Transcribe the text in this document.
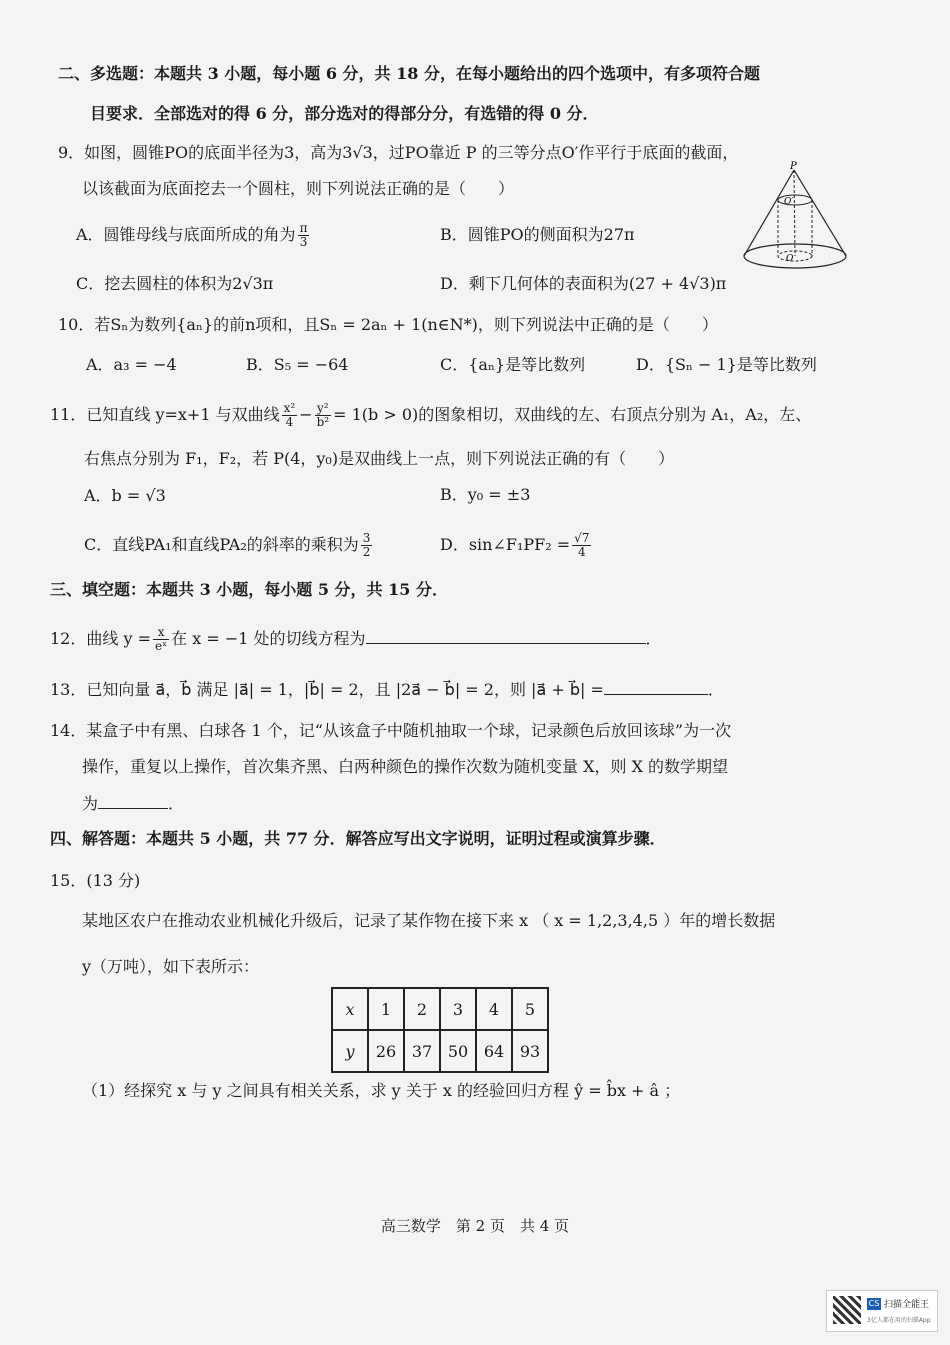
二、多选题：本题共 3 小题，每小题 6 分，共 18 分，在每小题给出的四个选项中，有多项符合题
目要求．全部选对的得 6 分，部分选对的得部分分，有选错的得 0 分．
9．如图，圆锥PO的底面半径为3，高为3√3，过PO靠近 P 的三等分点O′作平行于底面的截面，
以该截面为底面挖去一个圆柱，则下列说法正确的是（　　）
A．圆锥母线与底面所成的角为 $\frac{\pi}{3}$	B．圆锥PO的侧面积为27π
C．挖去圆柱的体积为2√3π	D．剩下几何体的表面积为(27 + 4√3)π
P
O′
O
10．若Sₙ为数列{aₙ}的前n项和，且Sₙ = 2aₙ + 1(n∈N*)，则下列说法中正确的是（　　）
A．a₃ = −4	B．S₅ = −64	C．{aₙ}是等比数列	D．{Sₙ − 1}是等比数列
11．已知直线 y=x+1 与双曲线 $\frac{\text{x²}}{4} - \frac{\text{y²}}{\text{b²}} = 1(b > 0)$的图象相切，双曲线的左、右顶点分别为 A₁，A₂，左、
右焦点分别为 F₁，F₂，若 P(4，y₀)是双曲线上一点，则下列说法正确的有（　　）
A．b = √3	B．y₀ = ±3
C．直线PA₁和直线PA₂的斜率的乘积为 $\frac{3}{2}$	D．sin∠F₁PF₂ = $\frac{√7}{4}$
三、填空题：本题共 3 小题，每小题 5 分，共 15 分．
12．曲线 $y = \frac{x}{\text{eˣ}}$ 在 x = −1 处的切线方程为	．
13．已知向量 a⃗，b⃗ 满足 |a⃗| = 1，|b⃗| = 2，且 |2a⃗ − b⃗| = 2，则 |a⃗ + b⃗| =	．
14．某盒子中有黑、白球各 1 个，记“从该盒子中随机抽取一个球，记录颜色后放回该球”为一次
操作，重复以上操作，首次集齐黑、白两种颜色的操作次数为随机变量 X，则 X 的数学期望
为	．
四、解答题：本题共 5 小题，共 77 分．解答应写出文字说明，证明过程或演算步骤．
15．(13 分)
某地区农户在推动农业机械化升级后，记录了某作物在接下来 x （ x = 1,2,3,4,5 ）年的增长数据
y（万吨），如下表所示：
x	1	2	3	4	5
y	26	37	50	64	93
（1）经探究 x 与 y 之间具有相关关系，求 y 关于 x 的经验回归方程 ŷ = b̂x + â ；
高三数学　第 2 页　共 4 页
CS 扫描全能王
3亿人都在用的扫描App
